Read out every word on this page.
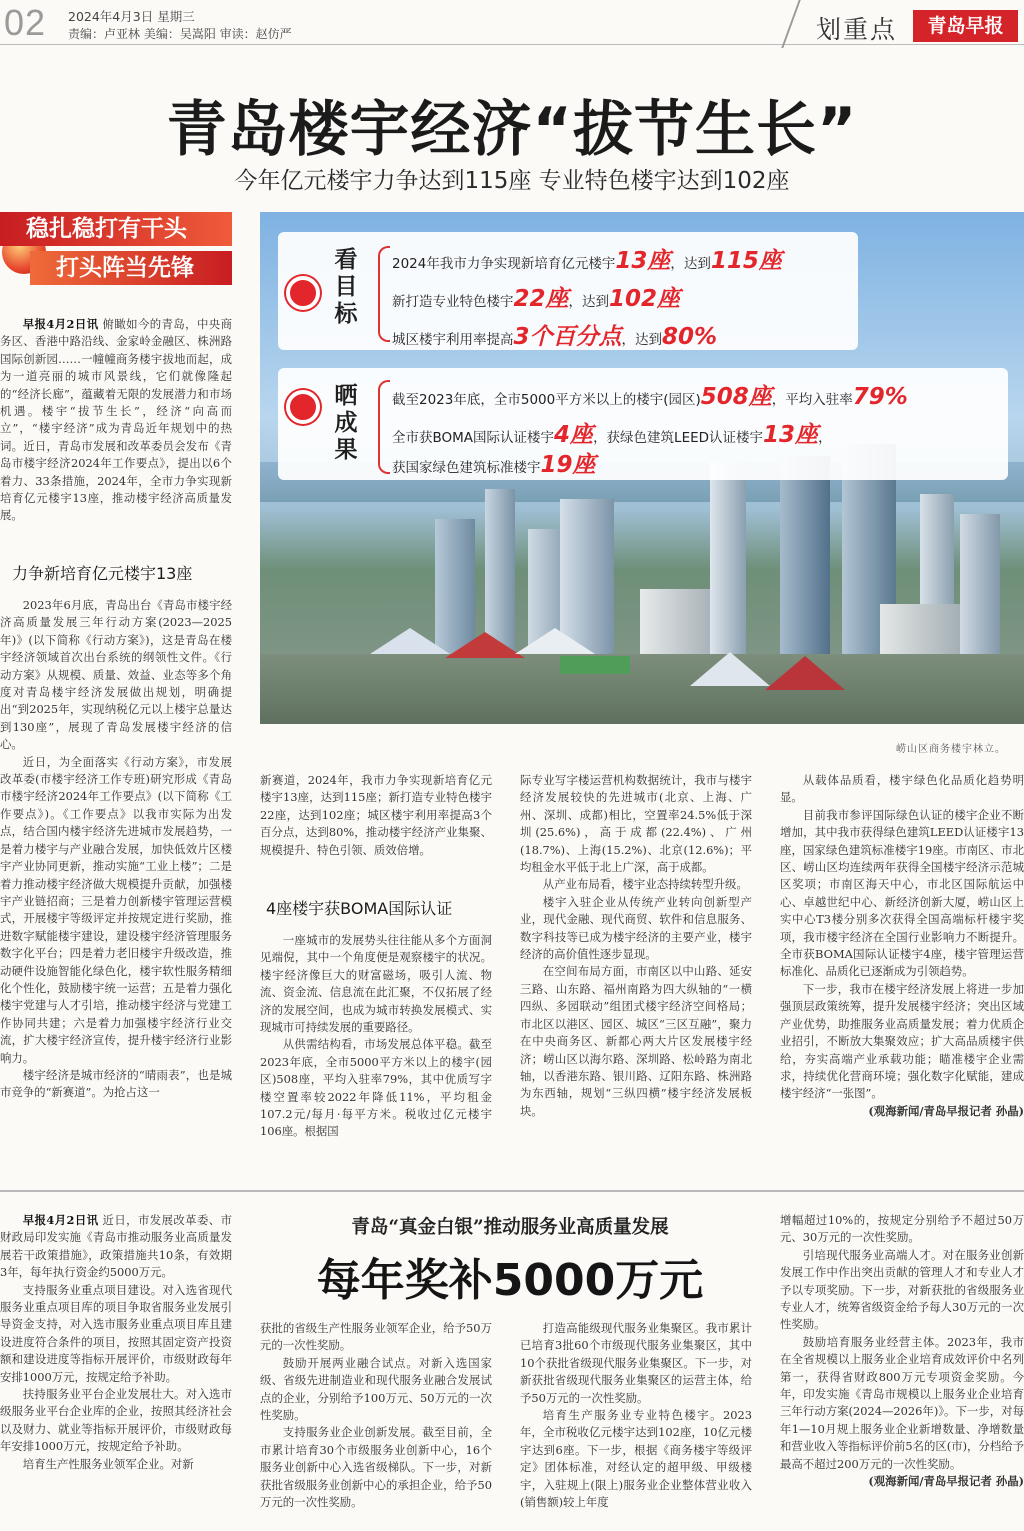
02 2024年4月3日 星期三
责编：卢亚林 美编：吴嵩阳 审读：赵仿严	划重点	青岛早报
青岛楼宇经济“拔节生长”
今年亿元楼宇力争达到115座 专业特色楼宇达到102座
稳扎稳打有干头
打头阵当先锋

早报4月2日讯 俯瞰如今的青岛，中央商务区、香港中路沿线、金家岭金融区、株洲路国际创新园……一幢幢商务楼宇拔地而起，成为一道亮丽的城市风景线，它们就像隆起的“经济长廊”，蕴藏着无限的发展潜力和市场机遇。楼宇“拔节生长”，经济“向高而立”，“楼宇经济”成为青岛近年规划中的热词。近日，青岛市发展和改革委员会发布《青岛市楼宇经济2024年工作要点》，提出以6个着力、33条措施，2024年，全市力争实现新培育亿元楼宇13座，推动楼宇经济高质量发展。

力争新培育亿元楼宇13座

2023年6月底，青岛出台《青岛市楼宇经济高质量发展三年行动方案(2023—2025年)》(以下简称《行动方案》)，这是青岛在楼宇经济领域首次出台系统的纲领性文件。《行动方案》从规模、质量、效益、业态等多个角度对青岛楼宇经济发展做出规划，明确提出“到2025年，实现纳税亿元以上楼宇总量达到130座”，展现了青岛发展楼宇经济的信心。

近日，为全面落实《行动方案》，市发展改革委(市楼宇经济工作专班)研究形成《青岛市楼宇经济2024年工作要点》(以下简称《工作要点》)。《工作要点》以我市实际为出发点，结合国内楼宇经济先进城市发展趋势，一是着力楼宇与产业融合发展，加快低效片区楼宇产业协同更新，推动实施“工业上楼”；二是着力推动楼宇经济做大规模提升贡献，加强楼宇产业链招商；三是着力创新楼宇管理运营模式，开展楼宇等级评定并按规定进行奖励，推进数字赋能楼宇建设，建设楼宇经济管理服务数字化平台；四是着力老旧楼宇升级改造，推动硬件设施智能化绿色化，楼宇软性服务精细化个性化，鼓励楼宇统一运营；五是着力强化楼宇党建与人才引培，推动楼宇经济与党建工作协同共建；六是着力加强楼宇经济行业交流，扩大楼宇经济宣传，提升楼宇经济行业影响力。

楼宇经济是城市经济的“晴雨表”，也是城市竞争的“新赛道”。为抢占这一

看目标
2024年我市力争实现新培育亿元楼宇13座，达到115座
新打造专业特色楼宇22座，达到102座
城区楼宇利用率提高3个百分点，达到80%
晒成果
截至2023年底，全市5000平方米以上的楼宇(园区)508座，平均入驻率79%
全市获BOMA国际认证楼宇4座，获绿色建筑LEED认证楼宇13座，
获国家绿色建筑标准楼宇19座
崂山区商务楼宇林立。

新赛道，2024年，我市力争实现新培育亿元楼宇13座，达到115座；新打造专业特色楼宇22座，达到102座；城区楼宇利用率提高3个百分点，达到80%，推动楼宇经济产业集聚、规模提升、特色引领、质效倍增。

4座楼宇获BOMA国际认证

一座城市的发展势头往往能从多个方面洞见端倪，其中一个角度便是观察楼宇的状况。楼宇经济像巨大的财富磁场，吸引人流、物流、资金流、信息流在此汇聚，不仅拓展了经济的发展空间，也成为城市转换发展模式、实现城市可持续发展的重要路径。

从供需结构看，市场发展总体平稳。截至2023年底，全市5000平方米以上的楼宇(园区)508座，平均入驻率79%，其中优质写字楼空置率较2022年降低11%，平均租金107.2元/每月·每平方米。税收过亿元楼宇106座。根据国

际专业写字楼运营机构数据统计，我市与楼宇经济发展较快的先进城市(北京、上海、广州、深圳、成都)相比，空置率24.5%低于深圳(25.6%)，高于成都(22.4%)、广州(18.7%)、上海(15.2%)、北京(12.6%)；平均租金水平低于北上广深，高于成都。

从产业布局看，楼宇业态持续转型升级。

楼宇入驻企业从传统产业转向创新型产业，现代金融、现代商贸、软件和信息服务、数字科技等已成为楼宇经济的主要产业，楼宇经济的高价值性逐步显现。

在空间布局方面，市南区以中山路、延安三路、山东路、福州南路为四大纵轴的“一横四纵、多园联动”组团式楼宇经济空间格局；市北区以港区、园区、城区“三区互融”，聚力在中央商务区、新都心两大片区发展楼宇经济；崂山区以海尔路、深圳路、松岭路为南北轴，以香港东路、银川路、辽阳东路、株洲路为东西轴，规划“三纵四横”楼宇经济发展板块。

从载体品质看，楼宇绿色化品质化趋势明显。

目前我市参评国际绿色认证的楼宇企业不断增加，其中我市获得绿色建筑LEED认证楼宇13座，国家绿色建筑标准楼宇19座。市南区、市北区、崂山区均连续两年获得全国楼宇经济示范城区奖项；市南区海天中心，市北区国际航运中心、卓越世纪中心、新经济创新大厦，崂山区上实中心T3楼分别多次获得全国高端标杆楼宇奖项，我市楼宇经济在全国行业影响力不断提升。全市获BOMA国际认证楼宇4座，楼宇管理运营标准化、品质化已逐渐成为引领趋势。

下一步，我市在楼宇经济发展上将进一步加强顶层政策统筹，提升发展楼宇经济；突出区域产业优势，助推服务业高质量发展；着力优质企业招引，不断放大集聚效应；扩大高品质楼宇供给，夯实高端产业承载功能；瞄准楼宇企业需求，持续优化营商环境；强化数字化赋能，建成楼宇经济“一张图”。

(观海新闻/青岛早报记者 孙晶)

青岛“真金白银”推动服务业高质量发展
每年奖补5000万元

早报4月2日讯 近日，市发展改革委、市财政局印发实施《青岛市推动服务业高质量发展若干政策措施》，政策措施共10条，有效期3年，每年执行资金约5000万元。

支持服务业重点项目建设。对入选省现代服务业重点项目库的项目争取省服务业发展引导资金支持，对入选市服务业重点项目库且建设进度符合条件的项目，按照其固定资产投资额和建设进度等指标开展评价，市级财政每年安排1000万元，按规定给予补助。

扶持服务业平台企业发展壮大。对入选市级服务业平台企业库的企业，按照其经济社会以及财力、就业等指标开展评价，市级财政每年安排1000万元，按规定给予补助。

培育生产性服务业领军企业。对新

获批的省级生产性服务业领军企业，给予50万元的一次性奖励。

鼓励开展两业融合试点。对新入选国家级、省级先进制造业和现代服务业融合发展试点的企业，分别给予100万元、50万元的一次性奖励。

支持服务业企业创新发展。截至目前，全市累计培育30个市级服务业创新中心，16个服务业创新中心入选省级梯队。下一步，对新获批省级服务业创新中心的承担企业，给予50万元的一次性奖励。

打造高能级现代服务业集聚区。我市累计已培育3批60个市级现代服务业集聚区，其中10个获批省级现代服务业集聚区。下一步，对新获批省级现代服务业集聚区的运营主体，给予50万元的一次性奖励。

培育生产服务业专业特色楼宇。2023年，全市税收亿元楼宇达到102座，10亿元楼宇达到6座。下一步，根据《商务楼宇等级评定》团体标准，对经认定的超甲级、甲级楼宇，入驻规上(限上)服务业企业整体营业收入(销售额)较上年度

增幅超过10%的，按规定分别给予不超过50万元、30万元的一次性奖励。

引培现代服务业高端人才。对在服务业创新发展工作中作出突出贡献的管理人才和专业人才予以专项奖励。下一步，对新获批的省级服务业专业人才，统筹省级资金给予每人30万元的一次性奖励。

鼓励培育服务业经营主体。2023年，我市在全省规模以上服务业企业培育成效评价中名列第一，获得省财政800万元专项资金奖励。今年，印发实施《青岛市规模以上服务业企业培育三年行动方案(2024—2026年)》。下一步，对每年1—10月规上服务业企业新增数量、净增数量和营业收入等指标评价前5名的区(市)，分档给予最高不超过200万元的一次性奖励。

(观海新闻/青岛早报记者 孙晶)
